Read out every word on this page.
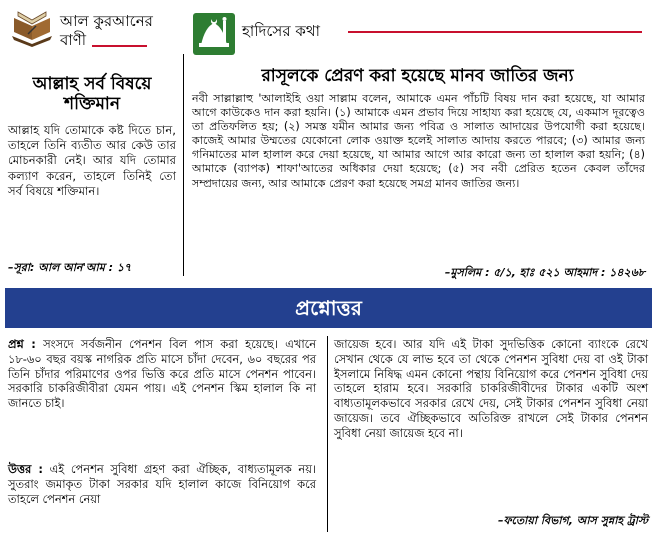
আল কুরআনের বাণী
আল্লাহ সর্ব বিষয়ে শক্তিমান
আল্লাহ যদি তোমাকে কষ্ট দিতে চান, তাহলে তিনি ব্যতীত আর কেউ তার মোচনকারী নেই। আর যদি তোমার কল্যাণ করেন, তাহলে তিনিই তো সর্ব বিষয়ে শক্তিমান।
–সূরা: আল আন'আম : ১৭
হাদিসের কথা
রাসূলকে প্রেরণ করা হয়েছে মানব জাতির জন্য
নবী সাল্লাল্লাহু 'আলাইহি ওয়া সাল্লাম বলেন, আমাকে এমন পাঁচটি বিষয় দান করা হয়েছে, যা আমার আগে কাউকেও দান করা হয়নি। (১) আমাকে এমন প্রভাব দিয়ে সাহায্য করা হয়েছে যে, একমাস দূরত্বেও তা প্রতিফলিত হয়; (২) সমস্ত যমীন আমার জন্য পবিত্র ও সালাত আদায়ের উপযোগী করা হয়েছে। কাজেই আমার উম্মতের যেকোনো লোক ওয়াক্ত হলেই সালাত আদায় করতে পারবে; (৩) আমার জন্য গনিমাতের মাল হালাল করে দেয়া হয়েছে, যা আমার আগে আর কারো জন্য তা হালাল করা হয়নি; (৪) আমাকে (ব্যাপক) শাফা'আতের অধিকার দেয়া হয়েছে; (৫) সব নবী প্রেরিত হতেন কেবল তাঁদের সম্প্রদায়ের জন্য, আর আমাকে প্রেরণ করা হয়েছে সমগ্র মানব জাতির জন্য।
–মুসলিম : ৫/১, হাঃ ৫২১ আহমাদ : ১৪২৬৮
প্রশ্নোত্তর
প্রশ্ন : সংসদে সর্বজনীন পেনশন বিল পাস করা হয়েছে। এখানে ১৮-৬০ বছর বয়স্ক নাগরিক প্রতি মাসে চাঁদা দেবেন, ৬০ বছরের পর তিনি চাঁদার পরিমাণের ওপর ভিত্তি করে প্রতি মাসে পেনশন পাবেন। সরকারি চাকরিজীবীরা যেমন পায়। এই পেনশন স্কিম হালাল কি না জানতে চাই।
উত্তর : এই পেনশন সুবিধা গ্রহণ করা ঐচ্ছিক, বাধ্যতামূলক নয়। সুতরাং জমাকৃত টাকা সরকার যদি হালাল কাজে বিনিয়োগ করে তাহলে পেনশন নেয়া
জায়েজ হবে। আর যদি এই টাকা সুদভিত্তিক কোনো ব্যাংকে রেখে সেখান থেকে যে লাভ হবে তা থেকে পেনশন সুবিধা দেয় বা ওই টাকা ইসলামে নিষিদ্ধ এমন কোনো পন্থায় বিনিয়োগ করে পেনশন সুবিধা দেয় তাহলে হারাম হবে। সরকারি চাকরিজীবীদের টাকার একটি অংশ বাধ্যতামূলকভাবে সরকার রেখে দেয়, সেই টাকার পেনশন সুবিধা নেয়া জায়েজ। তবে ঐচ্ছিকভাবে অতিরিক্ত রাখলে সেই টাকার পেনশন সুবিধা নেয়া জায়েজ হবে না।
–ফতোয়া বিভাগ, আস সুন্নাহ ট্রাস্ট
